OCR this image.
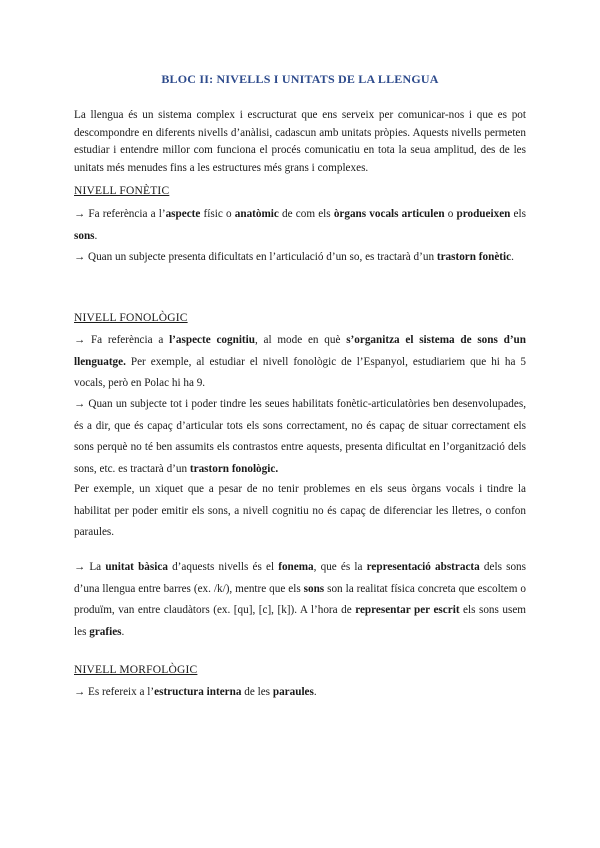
BLOC II: NIVELLS I UNITATS DE LA LLENGUA

La llengua és un sistema complex i escructurat que ens serveix per comunicar-nos i que es pot descompondre en diferents nivells d’anàlisi, cadascun amb unitats pròpies. Aquests nivells permeten estudiar i entendre millor com funciona el procés comunicatiu en tota la seua amplitud, des de les unitats més menudes fins a les estructures més grans i complexes.

NIVELL FONÈTIC

→ Fa referència a l’aspecte físic o anatòmic de com els òrgans vocals articulen o produeixen els sons.

→ Quan un subjecte presenta dificultats en l’articulació d’un so, es tractarà d’un trastorn fonètic.

NIVELL FONOLÒGIC

→ Fa referència a l’aspecte cognitiu, al mode en què s’organitza el sistema de sons d’un llenguatge. Per exemple, al estudiar el nivell fonològic de l’Espanyol, estudiariem que hi ha 5 vocals, però en Polac hi ha 9.

→ Quan un subjecte tot i poder tindre les seues habilitats fonètic-articulatòries ben desenvolupades, és a dir, que és capaç d’articular tots els sons correctament, no és capaç de situar correctament els sons perquè no té ben assumits els contrastos entre aquests, presenta dificultat en l’organització dels sons, etc. es tractarà d’un trastorn fonològic.

Per exemple, un xiquet que a pesar de no tenir problemes en els seus òrgans vocals i tindre la habilitat per poder emitir els sons, a nivell cognitiu no és capaç de diferenciar les lletres, o confon paraules.

→ La unitat bàsica d’aquests nivells és el fonema, que és la representació abstracta dels sons d’una llengua entre barres (ex. /k/), mentre que els sons son la realitat física concreta que escoltem o produïm, van entre claudàtors (ex. [qu], [c], [k]). A l’hora de representar per escrit els sons usem les grafies.

NIVELL MORFOLÒGIC

→ Es refereix a l’estructura interna de les paraules.
